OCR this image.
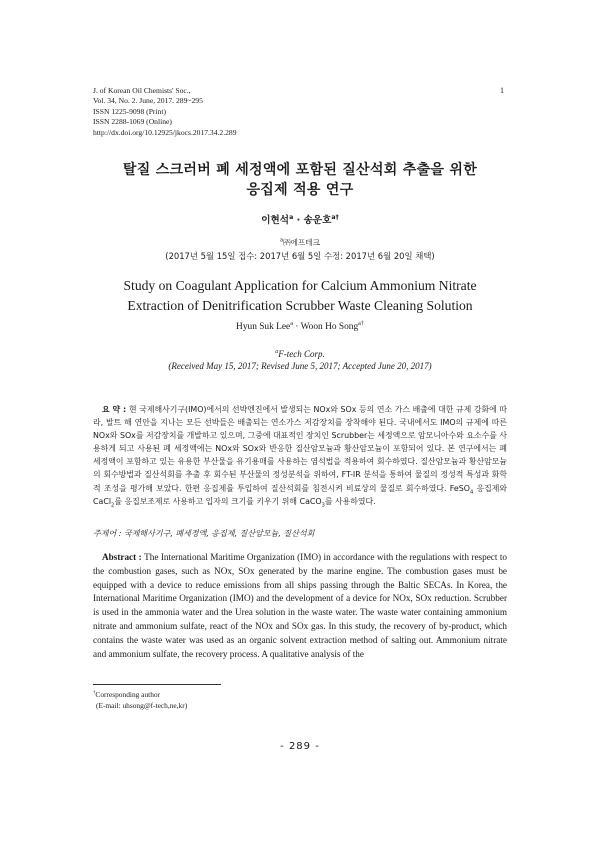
J. of Korean Oil Chemists' Soc.,
Vol. 34, No. 2. June, 2017. 289~295
ISSN 1225-9098 (Print)
ISSN 2288-1069 (Online)
http://dx.doi.org/10.12925/jkocs.2017.34.2.289
1
탈질 스크러버 폐 세정액에 포함된 질산석회 추출을 위한
응집제 적용 연구
이현석$^a$ · 송운호$^{a\dagger}$
$^a$㈜에프테크
(2017년 5월 15일 접수: 2017년 6월 5일 수정: 2017년 6월 20일 채택)
Study on Coagulant Application for Calcium Ammonium Nitrate
Extraction of Denitrification Scrubber Waste Cleaning Solution
Hyun Suk Lee$^a$ · Woon Ho Song$^{a\dagger}$
$^a$F-tech Corp.
(Received May 15, 2017; Revised June 5, 2017; Accepted June 20, 2017)
요 약 : 현 국제해사기구(IMO)에서의 선박엔진에서 발생되는 NOx와 SOx 등의 연소 가스 배출에 대한 규제 강화에 따라, 발트 해 연안을 지나는 모든 선박들은 배출되는 연소가스 저감장치를 장착해야 된다. 국내에서도 IMO의 규제에 따른 NOx와 SOx를 저감장치를 개발하고 있으며, 그중에 대표적인 장치인 Scrubber는 세정액으로 암모니아수와 요소수를 사용하게 되고 사용된 폐 세정액에는 NOx와 SOx와 반응한 질산암모늄과 황산암모늄이 포함되어 있다. 본 연구에서는 폐 세정액이 포함하고 있는 유용한 부산물을 유기용매를 사용하는 염석법을 적용하여 회수하였다. 질산암모늄과 황산암모늄의 회수방법과 질산석회를 추출 후 회수된 부산물의 정성분석을 위하여, FT-IR 분석을 통하여 물질의 정성적 특성과 화학적 조성을 평가해 보았다. 한편 응집제를 투입하여 질산석회를 침전시켜 비료상의 물질로 회수하였다. FeSO$_4$ 응집제와 CaCl$_2$를 응집보조제로 사용하고 입자의 크기를 키우기 위해 CaCO$_3$를 사용하였다.
주제어 : 국제해사기구, 폐세정액, 응집제, 질산암모늄, 질산석회
Abstract : The International Maritime Organization (IMO) in accordance with the regulations with respect to the combustion gases, such as NOx, SOx generated by the marine engine. The combustion gases must be equipped with a device to reduce emissions from all ships passing through the Baltic SECAs. In Korea, the International Maritime Organization (IMO) and the development of a device for NOx, SOx reduction. Scrubber is used in the ammonia water and the Urea solution in the waste water. The waste water containing ammonium nitrate and ammonium sulfate, react of the NOx and SOx gas. In this study, the recovery of by-product, which contains the waste water was used as an organic solvent extraction method of salting out. Ammonium nitrate and ammonium sulfate, the recovery process. A qualitative analysis of the
†Corresponding author
(E-mail: uhsong@f-tech,ne,kr)
- 289 -
